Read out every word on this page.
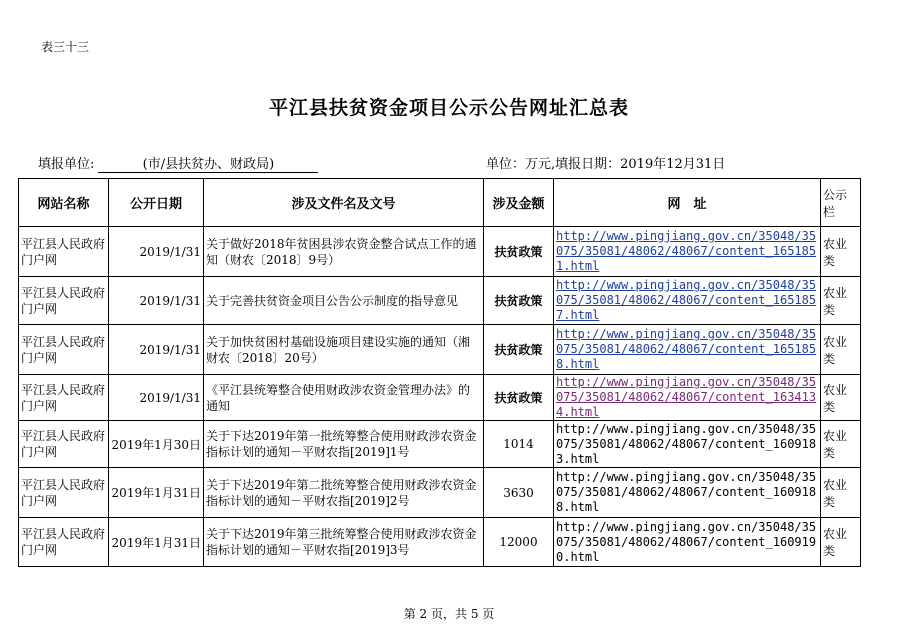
表三十三
平江县扶贫资金项目公示公告网址汇总表
填报单位:	(市/县扶贫办、财政局)	单位：万元,填报日期：2019年12月31日
网站名称	公开日期	涉及文件名及文号	涉及金额	网　址	公示栏
平江县人民政府门户网	2019/1/31	关于做好2018年贫困县涉农资金整合试点工作的通知（财农〔2018〕9号）	扶贫政策	http://www.pingjiang.gov.cn/35048/35075/35081/48062/48067/content_1651851.html	农业类
平江县人民政府门户网	2019/1/31	关于完善扶贫资金项目公告公示制度的指导意见	扶贫政策	http://www.pingjiang.gov.cn/35048/35075/35081/48062/48067/content_1651857.html	农业类
平江县人民政府门户网	2019/1/31	关于加快贫困村基础设施项目建设实施的通知（湘财农〔2018〕20号）	扶贫政策	http://www.pingjiang.gov.cn/35048/35075/35081/48062/48067/content_1651858.html	农业类
平江县人民政府门户网	2019/1/31	《平江县统筹整合使用财政涉农资金管理办法》的通知	扶贫政策	http://www.pingjiang.gov.cn/35048/35075/35081/48062/48067/content_1634134.html	农业类
平江县人民政府门户网	2019年1月30日	关于下达2019年第一批统筹整合使用财政涉农资金指标计划的通知－平财农指[2019]1号	1014	http://www.pingjiang.gov.cn/35048/35075/35081/48062/48067/content_1609183.html	农业类
平江县人民政府门户网	2019年1月31日	关于下达2019年第二批统筹整合使用财政涉农资金指标计划的通知－平财农指[2019]2号	3630	http://www.pingjiang.gov.cn/35048/35075/35081/48062/48067/content_1609188.html	农业类
平江县人民政府门户网	2019年1月31日	关于下达2019年第三批统筹整合使用财政涉农资金指标计划的通知－平财农指[2019]3号	12000	http://www.pingjiang.gov.cn/35048/35075/35081/48062/48067/content_1609190.html	农业类
第 2 页，共 5 页
